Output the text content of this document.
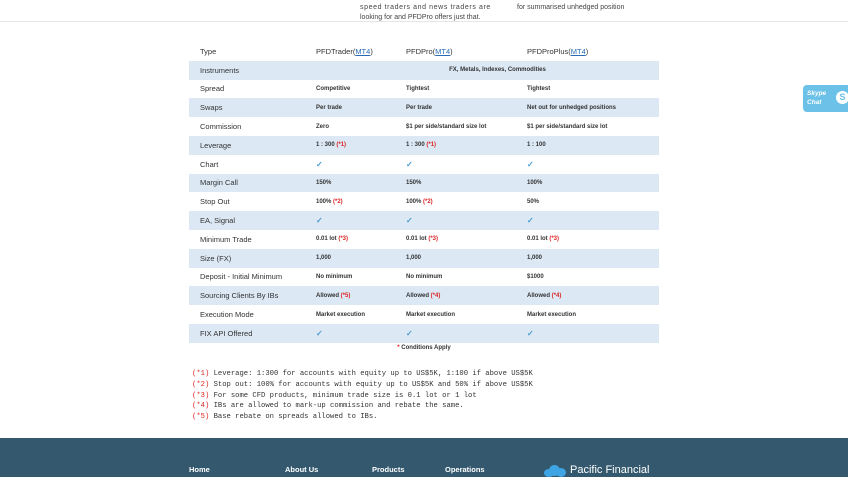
speed traders and news traders are
looking for and PFDPro offers just that.
for summarised unhedged position
Type	PFDTrader(MT4)	PFDPro(MT4)	PFDProPlus(MT4)
Instruments	FX, Metals, Indexes, Commodities
Spread	Competitive	Tightest	Tightest
Swaps	Per trade	Per trade	Net out for unhedged positions
Commission	Zero	$1 per side/standard size lot	$1 per side/standard size lot
Leverage	1 : 300 (*1)	1 : 300 (*1)	1 : 100
Chart	✓	✓	✓
Margin Call	150%	150%	100%
Stop Out	100% (*2)	100% (*2)	50%
EA, Signal	✓	✓	✓
Minimum Trade	0.01 lot (*3)	0.01 lot (*3)	0.01 lot (*3)
Size (FX)	1,000	1,000	1,000
Deposit - Initial Minimum	No minimum	No minimum	$1000
Sourcing Clients By IBs	Allowed (*5)	Allowed (*4)	Allowed (*4)
Execution Mode	Market execution	Market execution	Market execution
FIX API Offered	✓	✓	✓
* Conditions Apply
(*1) Leverage: 1:300 for accounts with equity up to US$5K, 1:100 if above US$5K
(*2) Stop out: 100% for accounts with equity up to US$5K and 50% if above US$5K
(*3) For some CFD products, minimum trade size is 0.1 lot or 1 lot
(*4) IBs are allowed to mark-up commission and rebate the same.
(*5) Base rebate on spreads allowed to IBs.
Skype
Chat
S
Home	About Us	Products	Operations	Pacific Financial
